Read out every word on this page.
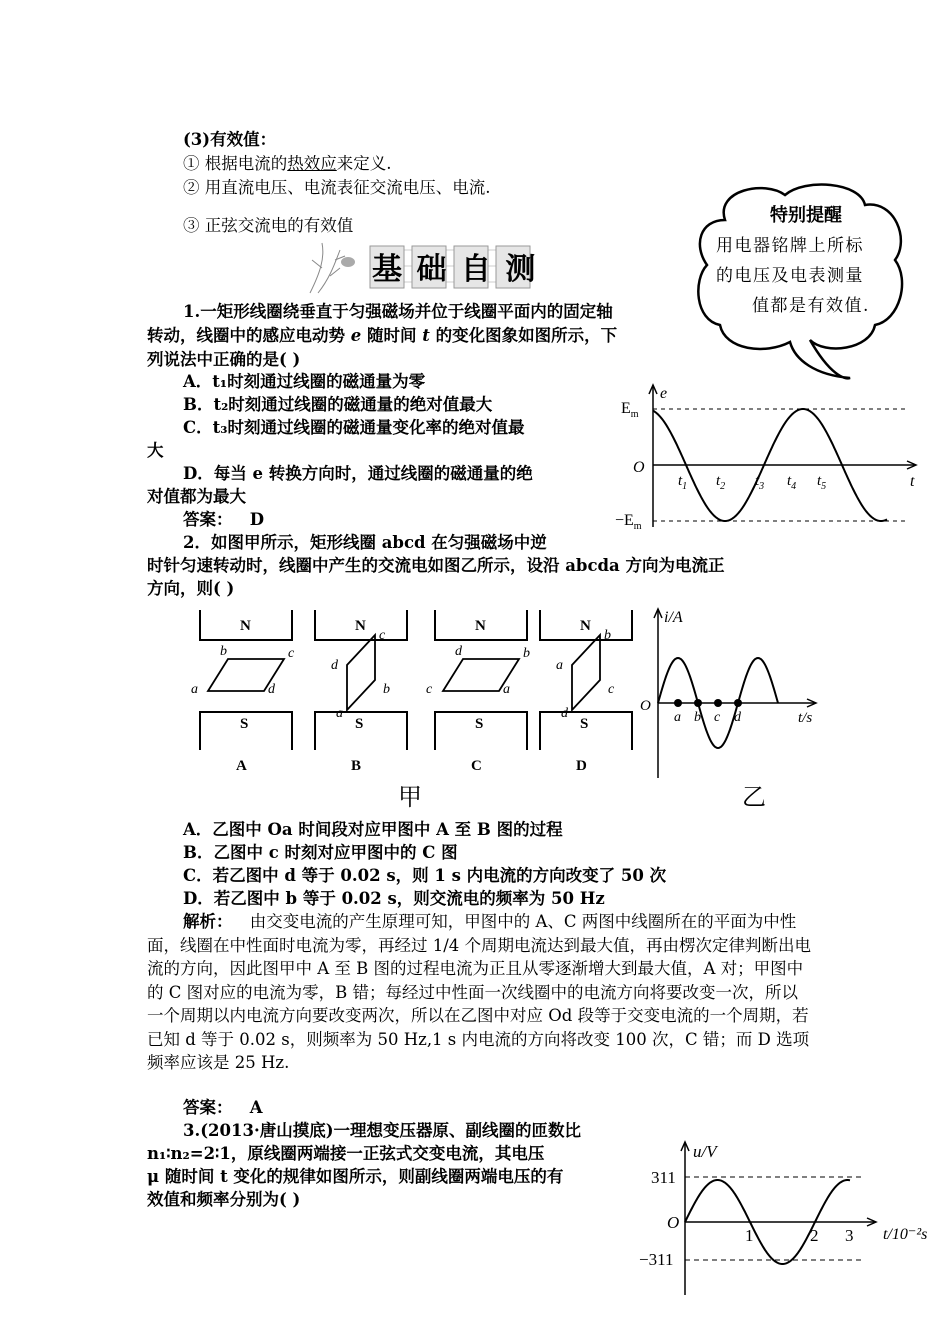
(3)有效值：
① 根据电流的热效应来定义.
② 用直流电压、电流表征交流电压、电流.
③ 正弦交流电的有效值	特别提醒
用电器铭牌上所标
的电压及电表测量
值都是有效值.
基 础 自 测
1.一矩形线圈绕垂直于匀强磁场并位于线圈平面内的固定轴
转动，线圈中的感应电动势 e 随时间 t 的变化图象如图所示，下
列说法中正确的是( )
A．t₁时刻通过线圈的磁通量为零
B．t₂时刻通过线圈的磁通量的绝对值最大
C．t₃时刻通过线圈的磁通量变化率的绝对值最
大
D．每当 e 转换方向时，通过线圈的磁通量的绝
对值都为最大
答案： D
e
$E_m$
$-E_m$
O
t
$t_1$ $t_2$ $t_3$ $t_4$ $t_5$
2．如图甲所示，矩形线圈 abcd 在匀强磁场中逆
时针匀速转动时，线圈中产生的交流电如图乙所示，设沿 abcda 方向为电流正
方向，则( )
N
S
A
a
b	c
d
N
S
B
a
d
c
b
N
S
C
c
d	b
a
N
S
D
d
a
b
c
a b c d
i/A
O
t/s
甲	乙
A．乙图中 Oa 时间段对应甲图中 A 至 B 图的过程
B．乙图中 c 时刻对应甲图中的 C 图
C．若乙图中 d 等于 0.02 s，则 1 s 内电流的方向改变了 50 次
D．若乙图中 b 等于 0.02 s，则交流电的频率为 50 Hz
解析： 由交变电流的产生原理可知，甲图中的 A、C 两图中线圈所在的平面为中性面，线圈在中性面时电流为零，再经过 1/4 个周期电流达到最大值，再由楞次定律判断出电流的方向，因此图甲中 A 至 B 图的过程电流为正且从零逐渐增大到最大值，A 对；甲图中的 C 图对应的电流为零，B 错；每经过中性面一次线圈中的电流方向将要改变一次，所以一个周期以内电流方向要改变两次，所以在乙图中对应 Od 段等于交变电流的一个周期，若已知 d 等于 0.02 s，则频率为 50 Hz,1 s 内电流的方向将改变 100 次，C 错；而 D 选项频率应该是 25 Hz.
答案： A
3.(2013·唐山摸底)一理想变压器原、副线圈的匝数比
n₁∶n₂=2∶1，原线圈两端接一正弦式交变电流，其电压
μ 随时间 t 变化的规律如图所示，则副线圈两端电压的有
效值和频率分别为( )
u/V
311
−311
O
t/10⁻²s
1	2 3
